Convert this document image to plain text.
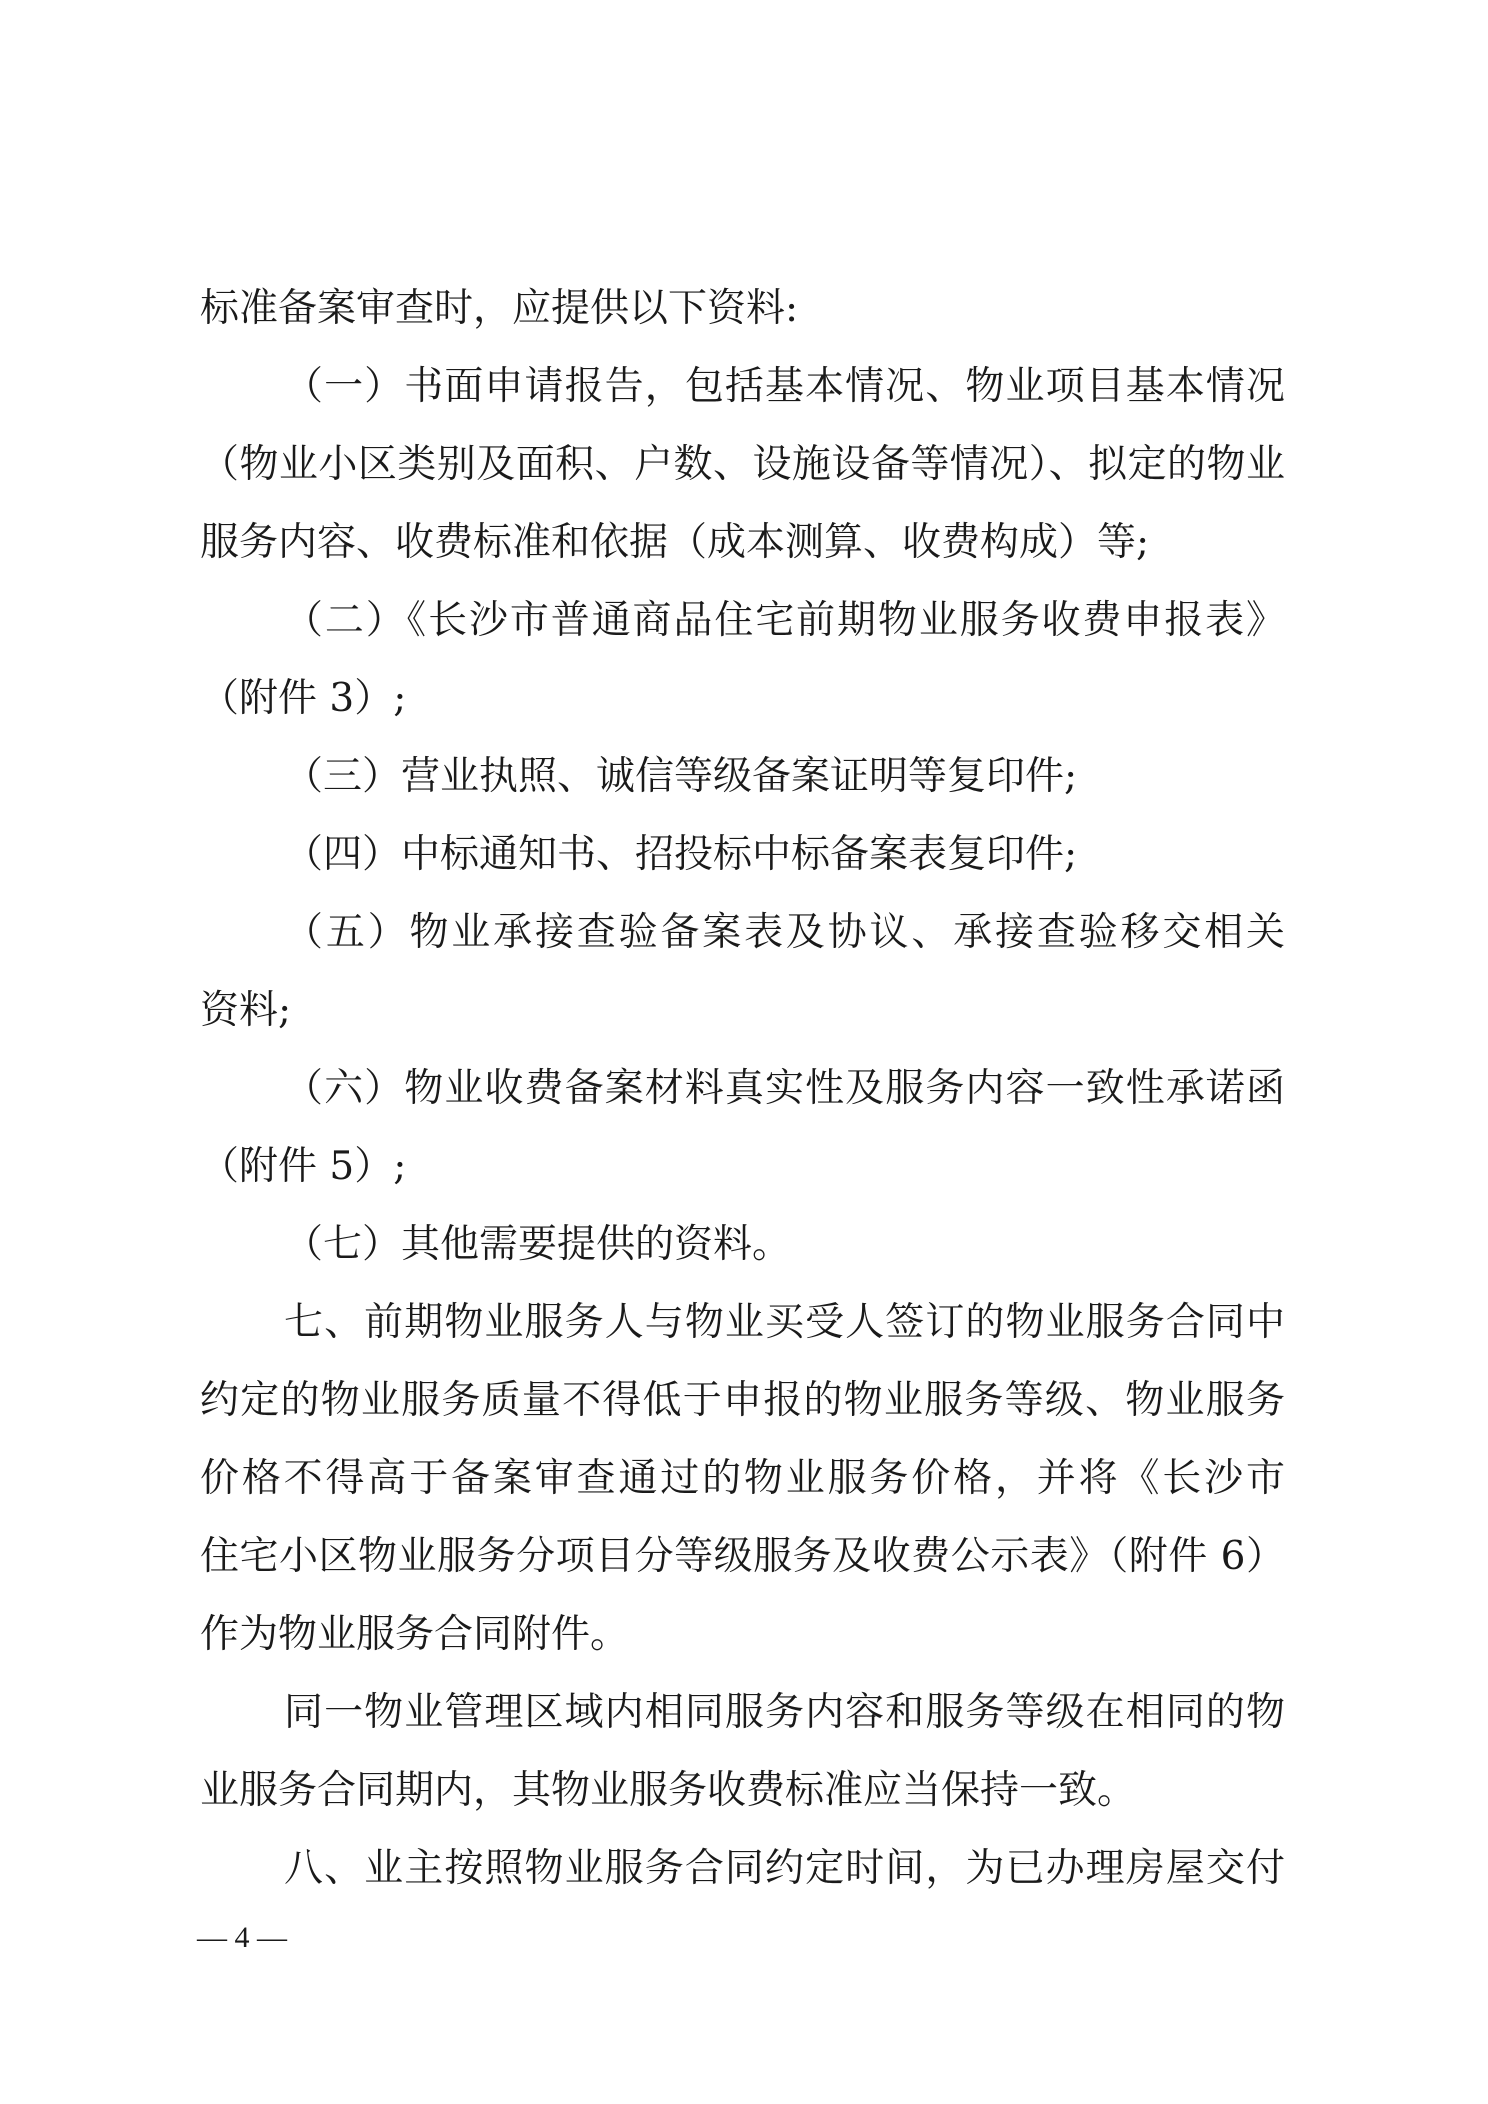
标准备案审查时，应提供以下资料:
（一）书面申请报告，包括基本情况、物业项目基本情况
（物业小区类别及面积、户数、设施设备等情况）、拟定的物业
服务内容、收费标准和依据（成本测算、收费构成）等;
（二）《长沙市普通商品住宅前期物业服务收费申报表》
（附件 3）;
（三）营业执照、诚信等级备案证明等复印件;
（四）中标通知书、招投标中标备案表复印件;
（五）物业承接查验备案表及协议、承接查验移交相关
资料;
（六）物业收费备案材料真实性及服务内容一致性承诺函
（附件 5）;
（七）其他需要提供的资料。
七、前期物业服务人与物业买受人签订的物业服务合同中
约定的物业服务质量不得低于申报的物业服务等级、物业服务
价格不得高于备案审查通过的物业服务价格，并将《长沙市
住宅小区物业服务分项目分等级服务及收费公示表》（附件 6）
作为物业服务合同附件。
同一物业管理区域内相同服务内容和服务等级在相同的物
业服务合同期内，其物业服务收费标准应当保持一致。
八、业主按照物业服务合同约定时间，为已办理房屋交付
— 4 —
